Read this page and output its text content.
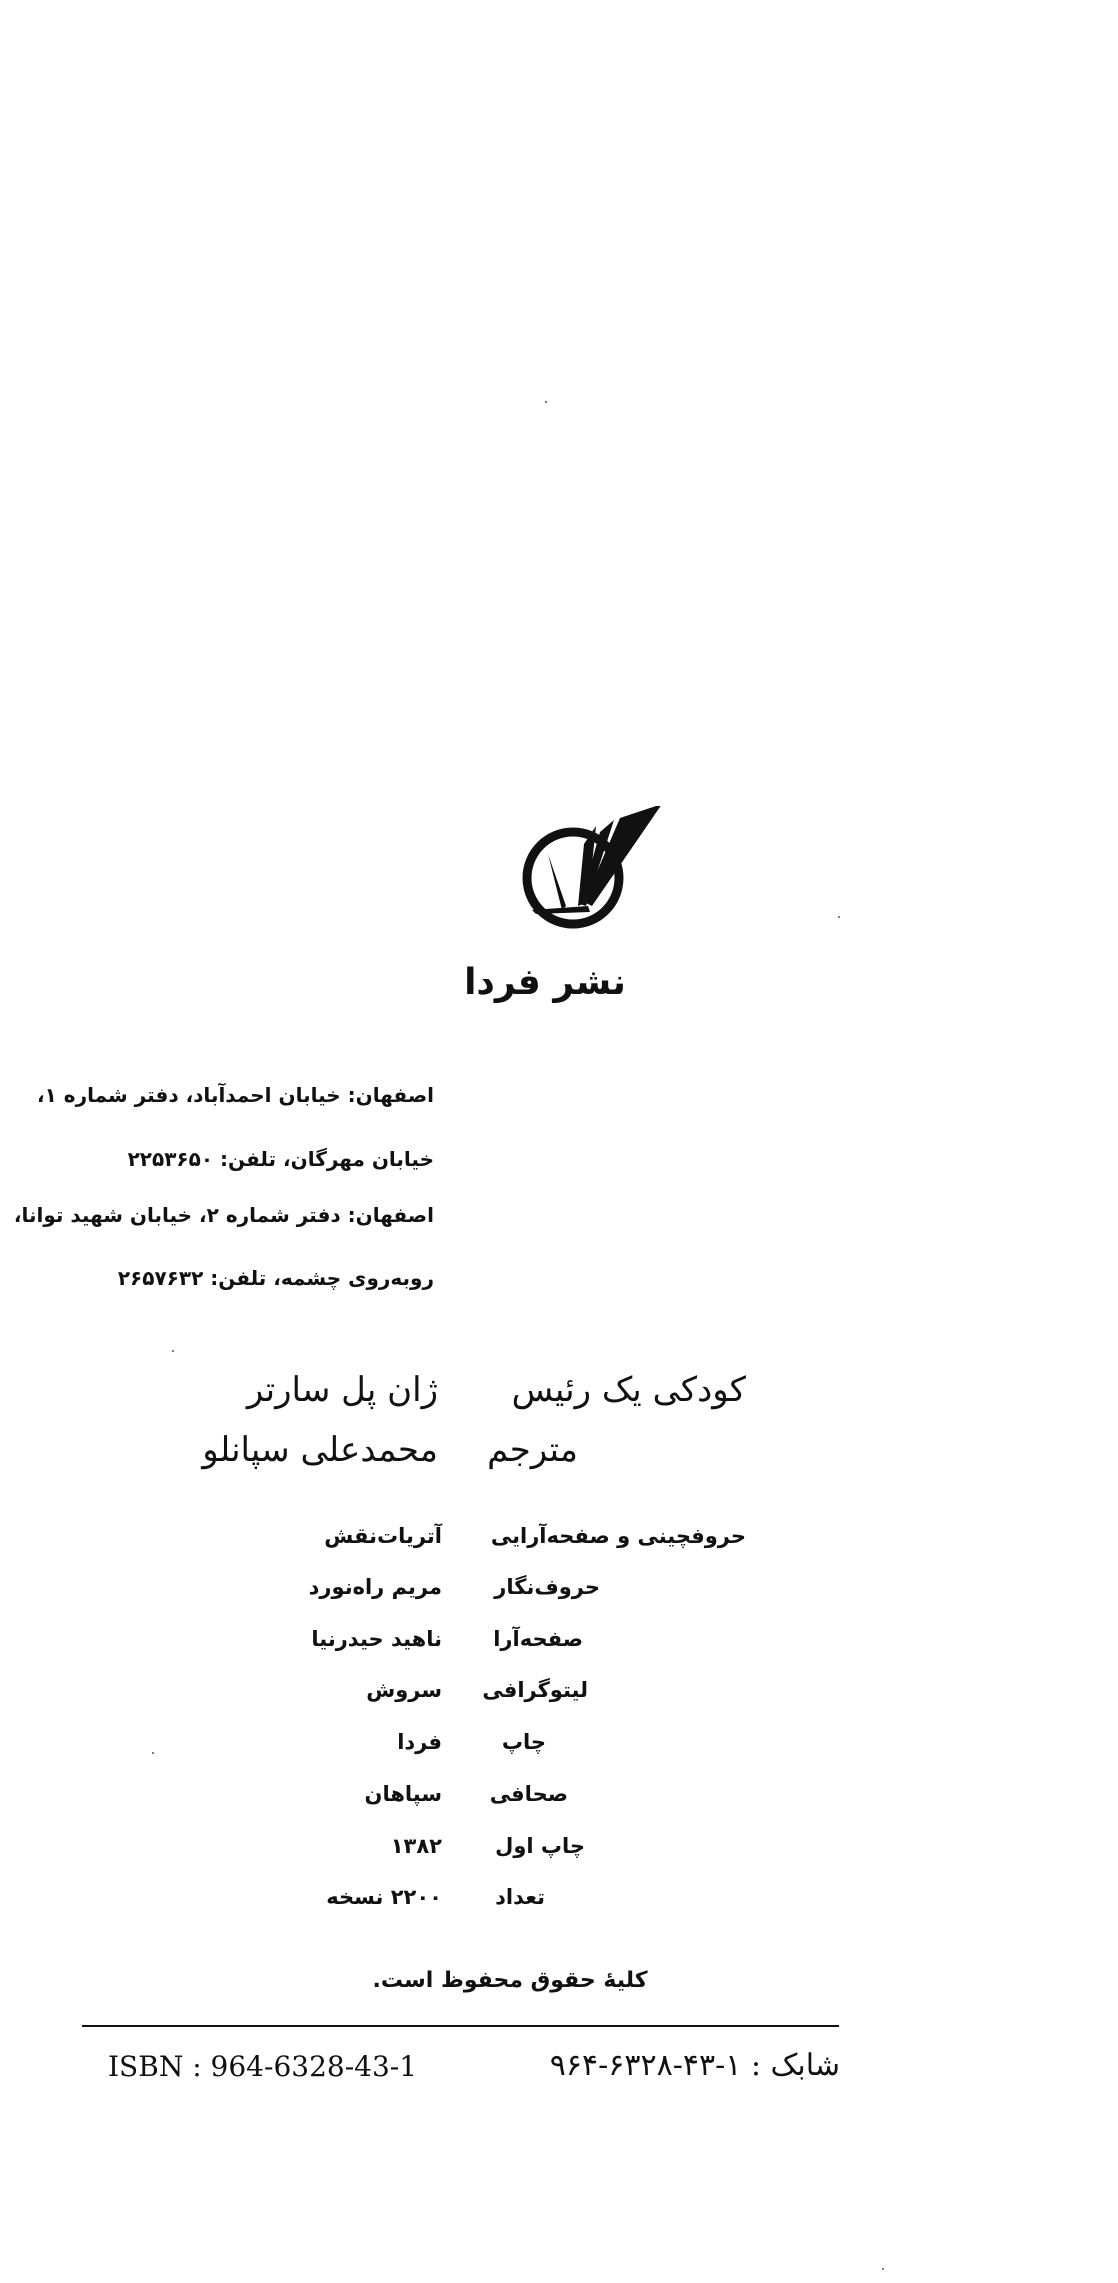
نشر فردا
اصفهان: خیابان احمدآباد، دفتر شماره ۱،
خیابان مهرگان، تلفن: ۲۲۵۳۶۵۰
اصفهان: دفتر شماره ۲، خیابان شهید توانا،
روبه‌روی چشمه، تلفن: ۲۶۵۷۶۳۲
کودکی یک رئیس
ژان پل سارتر
مترجم
محمدعلی سپانلو
حروفچینی و صفحه‌آرایی
آتریات‌نقش
حروف‌نگار
مریم راه‌نورد
صفحه‌آرا
ناهید حیدرنیا
لیتوگرافی
سروش
چاپ
فردا
صحافی
سپاهان
چاپ اول
۱۳۸۲
تعداد
۲۲۰۰ نسخه
کلیهٔ حقوق محفوظ است.
ISBN : 964-6328-43-1	شابک : ۱-۴۳-۶۳۲۸-۹۶۴
